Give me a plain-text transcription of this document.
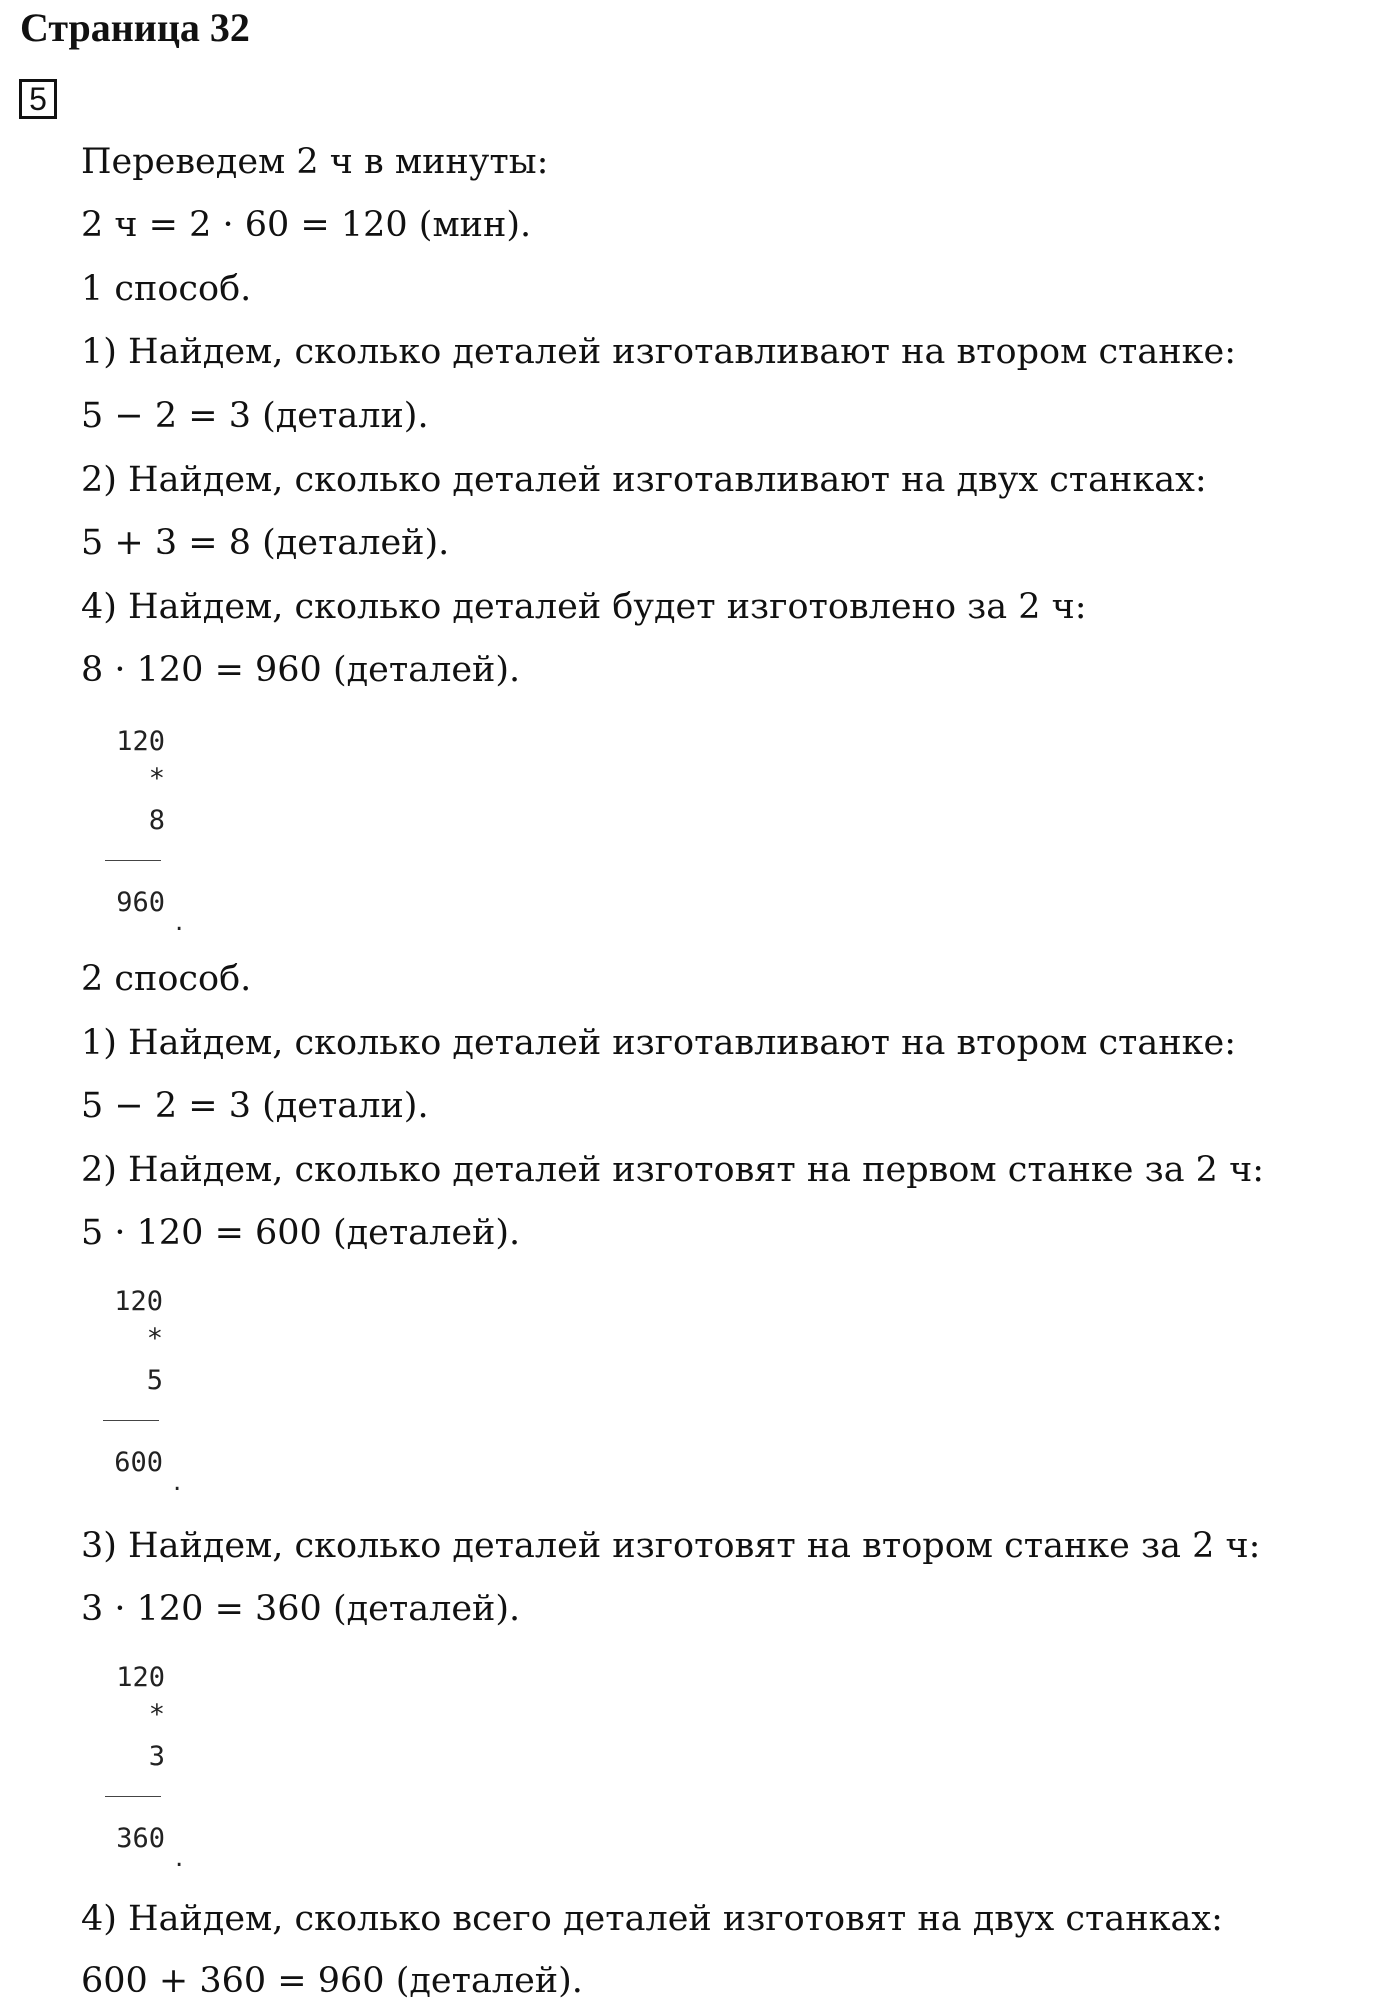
Страница 32
5
Переведем 2 ч в минуты:
2 ч = 2 · 60 = 120 (мин).
1 способ.
1) Найдем, сколько деталей изготавливают на втором станке:
5 − 2 = 3 (детали).
2) Найдем, сколько деталей изготавливают на двух станках:
5 + 3 = 8 (деталей).
4) Найдем, сколько деталей будет изготовлено за 2 ч:
8 · 120 = 960 (деталей).
120
*
8
960
.
2 способ.
1) Найдем, сколько деталей изготавливают на втором станке:
5 − 2 = 3 (детали).
2) Найдем, сколько деталей изготовят на первом станке за 2 ч:
5 · 120 = 600 (деталей).
120
*
5
600
.
3) Найдем, сколько деталей изготовят на втором станке за 2 ч:
3 · 120 = 360 (деталей).
120
*
3
360
.
4) Найдем, сколько всего деталей изготовят на двух станках:
600 + 360 = 960 (деталей).
